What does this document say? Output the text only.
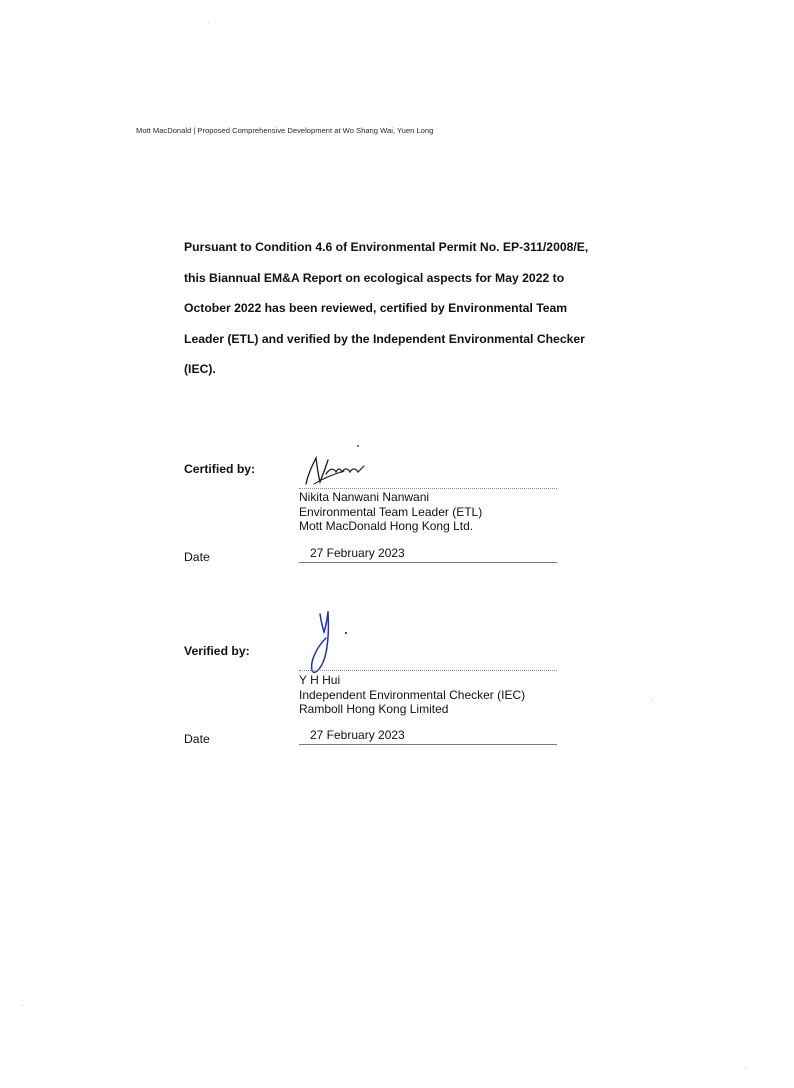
Mott MacDonald | Proposed Comprehensive Development at Wo Shang Wai, Yuen Long
Pursuant to Condition 4.6 of Environmental Permit No. EP-311/2008/E,
this Biannual EM&A Report on ecological aspects for May 2022 to
October 2022 has been reviewed, certified by Environmental Team
Leader (ETL) and verified by the Independent Environmental Checker
(IEC).
Certified by:
Nikita Nanwani Nanwani
Environmental Team Leader (ETL)
Mott MacDonald Hong Kong Ltd.
Date	27 February 2023
Verified by:
Y H Hui
Independent Environmental Checker (IEC)
Ramboll Hong Kong Limited
Date	27 February 2023
